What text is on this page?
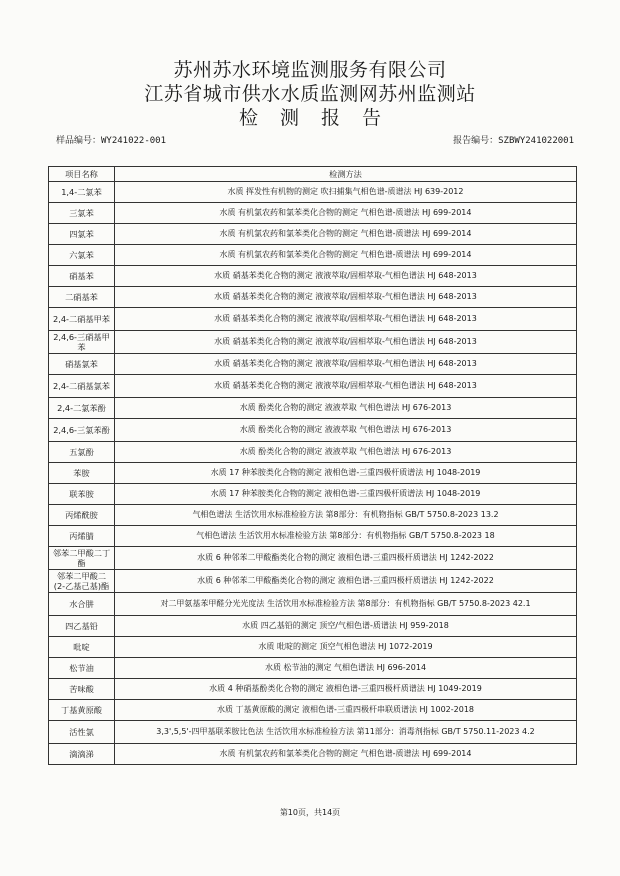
苏州苏水环境监测服务有限公司
江苏省城市供水水质监测网苏州监测站
检测报告
样品编号：WY241022-001	报告编号：SZBWY241022001
项目名称	检测方法
1,4-二氯苯	水质 挥发性有机物的测定 吹扫捕集气相色谱-质谱法 HJ 639-2012
三氯苯	水质 有机氯农药和氯苯类化合物的测定 气相色谱-质谱法 HJ 699-2014
四氯苯	水质 有机氯农药和氯苯类化合物的测定 气相色谱-质谱法 HJ 699-2014
六氯苯	水质 有机氯农药和氯苯类化合物的测定 气相色谱-质谱法 HJ 699-2014
硝基苯	水质 硝基苯类化合物的测定 液液萃取/固相萃取-气相色谱法 HJ 648-2013
二硝基苯	水质 硝基苯类化合物的测定 液液萃取/固相萃取-气相色谱法 HJ 648-2013
2,4-二硝基甲苯	水质 硝基苯类化合物的测定 液液萃取/固相萃取-气相色谱法 HJ 648-2013
2,4,6-三硝基甲苯	水质 硝基苯类化合物的测定 液液萃取/固相萃取-气相色谱法 HJ 648-2013
硝基氯苯	水质 硝基苯类化合物的测定 液液萃取/固相萃取-气相色谱法 HJ 648-2013
2,4-二硝基氯苯	水质 硝基苯类化合物的测定 液液萃取/固相萃取-气相色谱法 HJ 648-2013
2,4-二氯苯酚	水质 酚类化合物的测定 液液萃取 气相色谱法 HJ 676-2013
2,4,6-三氯苯酚	水质 酚类化合物的测定 液液萃取 气相色谱法 HJ 676-2013
五氯酚	水质 酚类化合物的测定 液液萃取 气相色谱法 HJ 676-2013
苯胺	水质 17 种苯胺类化合物的测定 液相色谱-三重四极杆质谱法 HJ 1048-2019
联苯胺	水质 17 种苯胺类化合物的测定 液相色谱-三重四极杆质谱法 HJ 1048-2019
丙烯酰胺	气相色谱法 生活饮用水标准检验方法 第8部分：有机物指标 GB/T 5750.8-2023 13.2
丙烯腈	气相色谱法 生活饮用水标准检验方法 第8部分：有机物指标 GB/T 5750.8-2023 18
邻苯二甲酸二丁酯	水质 6 种邻苯二甲酸酯类化合物的测定 液相色谱-三重四极杆质谱法 HJ 1242-2022
邻苯二甲酸二(2-乙基己基)酯	水质 6 种邻苯二甲酸酯类化合物的测定 液相色谱-三重四极杆质谱法 HJ 1242-2022
水合肼	对二甲氨基苯甲醛分光光度法 生活饮用水标准检验方法 第8部分：有机物指标 GB/T 5750.8-2023 42.1
四乙基铅	水质 四乙基铅的测定 顶空/气相色谱-质谱法 HJ 959-2018
吡啶	水质 吡啶的测定 顶空气相色谱法 HJ 1072-2019
松节油	水质 松节油的测定 气相色谱法 HJ 696-2014
苦味酸	水质 4 种硝基酚类化合物的测定 液相色谱-三重四极杆质谱法 HJ 1049-2019
丁基黄原酸	水质 丁基黄原酸的测定 液相色谱-三重四极杆串联质谱法 HJ 1002-2018
活性氯	3,3',5,5'-四甲基联苯胺比色法 生活饮用水标准检验方法 第11部分：消毒剂指标 GB/T 5750.11-2023 4.2
滴滴涕	水质 有机氯农药和氯苯类化合物的测定 气相色谱-质谱法 HJ 699-2014
第10页，共14页
